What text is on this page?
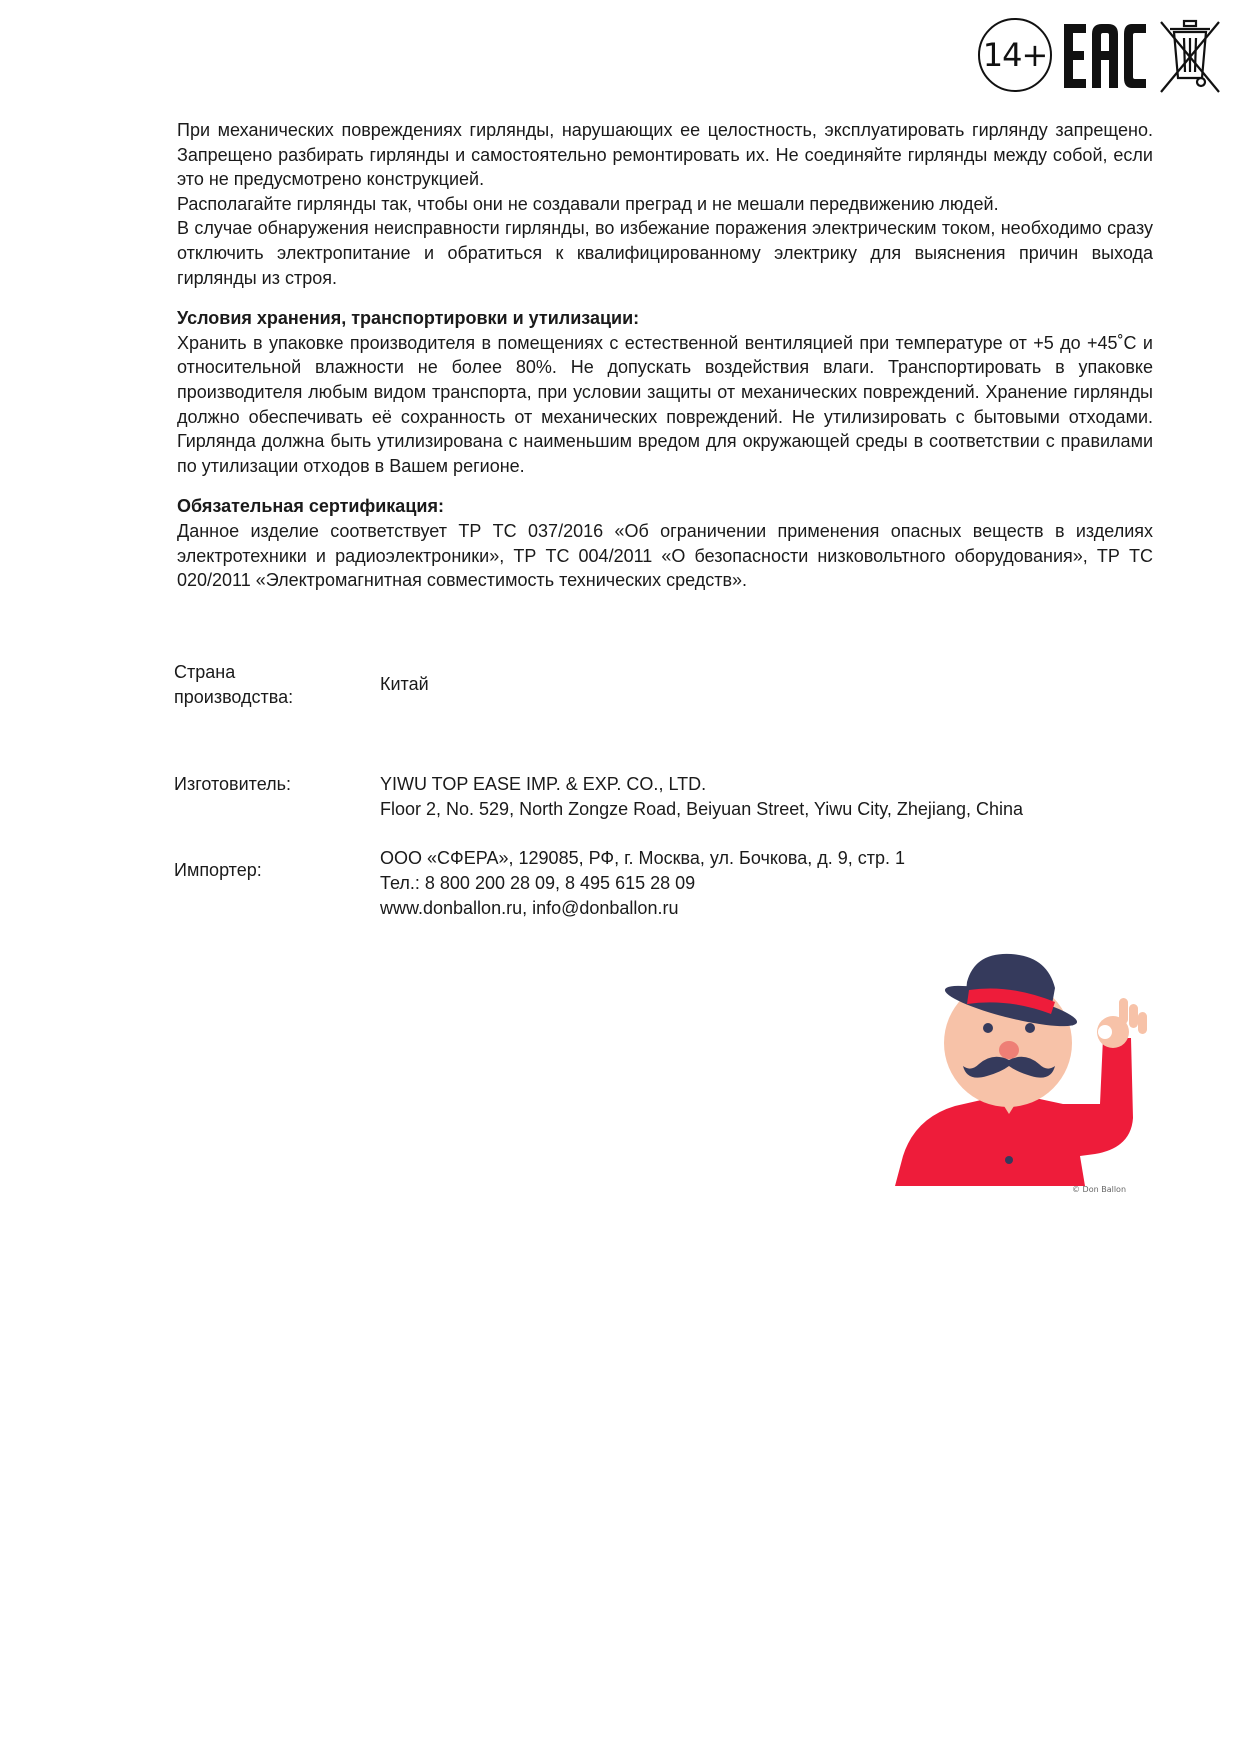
14+

При механических повреждениях гирлянды, нарушающих ее целостность, эксплуатировать гирлянду запрещено. Запрещено разбирать гирлянды и самостоятельно ремонтировать их. Не соединяйте гирлянды между собой, если это не предусмотрено конструкцией.

Располагайте гирлянды так, чтобы они не создавали преград и не мешали передвижению людей.

В случае обнаружения неисправности гирлянды, во избежание поражения электрическим током, необходимо сразу отключить электропитание и обратиться к квалифицированному электрику для выяснения причин выхода гирлянды из строя.

Условия хранения, транспортировки и утилизации:

Хранить в упаковке производителя в помещениях с естественной вентиляцией при температуре от +5 до +45˚С и относительной влажности не более 80%. Не допускать воздействия влаги. Транспортировать в упаковке производителя любым видом транспорта, при условии защиты от механических повреждений. Хранение гирлянды должно обеспечивать её сохранность от механических повреждений. Не утилизировать с бытовыми отходами. Гирлянда должна быть утилизирована с наименьшим вредом для окружающей среды в соответствии с правилами по утилизации отходов в Вашем регионе.

Обязательная сертификация:

Данное изделие соответствует ТР ТС 037/2016 «Об ограничении применения опасных веществ в изделиях электротехники и радиоэлектроники», ТР ТС 004/2011 «О безопасности низковольтного оборудования», ТР ТС 020/2011 «Электромагнитная совместимость технических средств».

Страна
производства:
Китай
Изготовитель:	YIWU TOP EASE IMP. & EXP. CO., LTD.
Floor 2, No. 529, North Zongze Road, Beiyuan Street, Yiwu City, Zhejiang, China
Импортер:
ООО «СФЕРА», 129085, РФ, г. Москва, ул. Бочкова, д. 9, стр. 1
Тел.: 8 800 200 28 09, 8 495 615 28 09
www.donballon.ru, info@donballon.ru
© Don Ballon
